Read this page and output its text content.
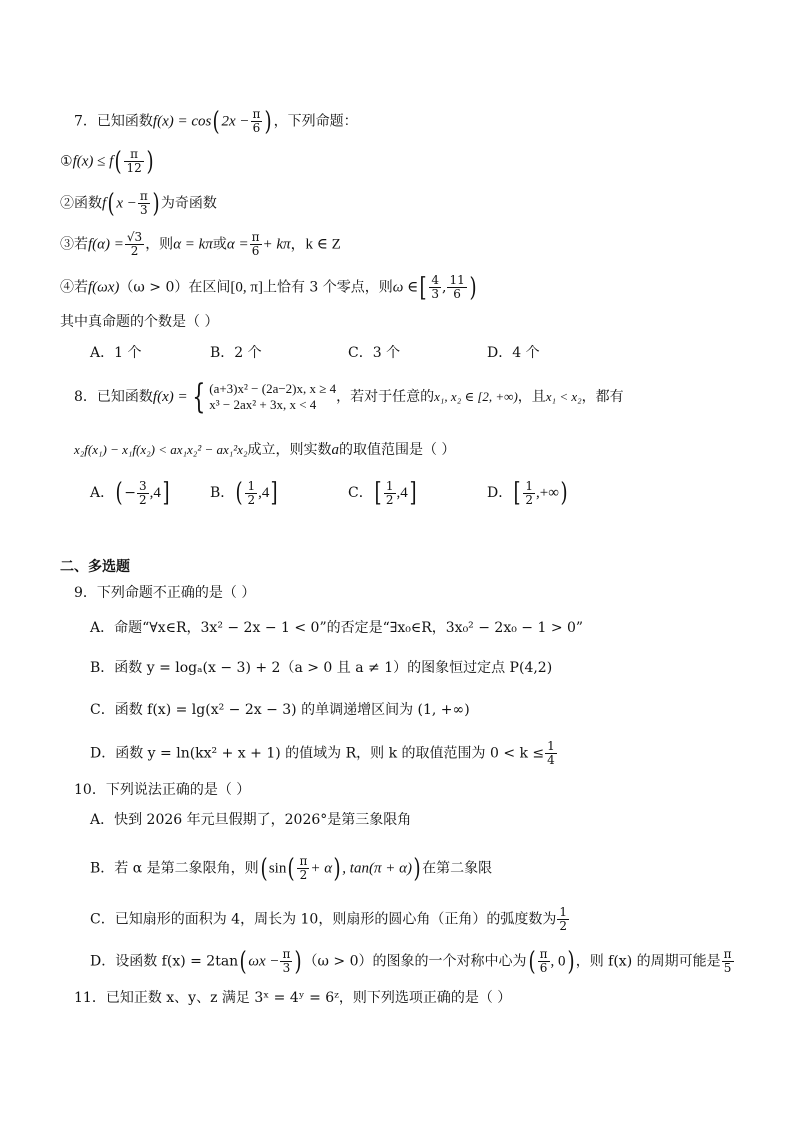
7．已知函数f(x) = cos( $2x - \frac{\pi}{6}$ ) ，下列命题：
①f(x) ≤ $f( \frac{\pi}{12}$ )
②函数f( $x - \frac{\pi}{3}$ ) 为奇函数
③若$f(\alpha) = \frac{√3}{2}$ ，则α = kπ或$\alpha = \frac{\pi}{6} + k\pi$，k ∈ Z
④若f(ωx)（ω > 0）在区间[0, π]上恰有 3 个零点，则ω ∈[ $\frac{4}{3}$ , $\frac{11}{6}$ )
其中真命题的个数是（ ）
A．1 个	B．2 个	C．3 个	D．4 个
8．已知函数f(x) = { (a+3)x² − (2a−2)x, x ≥ 4
x³ − 2ax² + 3x, x < 4	，若对于任意的x₁, x₂ ∈ [2, +∞)，且x₁ < x₂，都有
x₂f(x₁) − x₁f(x₂) < ax₁x₂² − ax₁²x₂成立，则实数a的取值范围是（ ）
A．( − $\frac{3}{2} ,4$]	B．( $\frac{1}{2} ,4$]	C．[ $\frac{1}{2} ,4$]	D．[ $\frac{1}{2}$ ,+∞)
二、多选题
9．下列命题不正确的是（ ）
A．命题“∀x∈R，3x² − 2x − 1 < 0”的否定是“∃x₀∈R，3x₀² − 2x₀ − 1 > 0”
B．函数 y = logₐ(x − 3) + 2（a > 0 且 a ≠ 1）的图象恒过定点 P(4,2)
C．函数 f(x) = lg(x² − 2x − 3) 的单调递增区间为 (1, +∞)
D．函数 y = ln(kx² + x + 1) 的值域为 R，则 k 的取值范围为 $0 < k \le \frac{1}{4}$
10．下列说法正确的是（ ）
A．快到 2026 年元旦假期了，2026°是第三象限角
B．若 α 是第二象限角，则( $\sin( \frac{\pi}{2} + \alpha)$ , tan(π + α)) 在第二象限
C．已知扇形的面积为 4，周长为 10，则扇形的圆心角（正角）的弧度数为 $\frac{1}{2}$
D．设函数 f(x) = 2tan( $\omega x - \frac{\pi}{3}$ ) （ω > 0）的图象的一个对称中心为( $\frac{\pi}{6}$ , 0) ，则 f(x) 的周期可能是 $\frac{\pi}{5}$
11．已知正数 x、y、z 满足 3ˣ = 4ʸ = 6ᶻ，则下列选项正确的是（ ）
